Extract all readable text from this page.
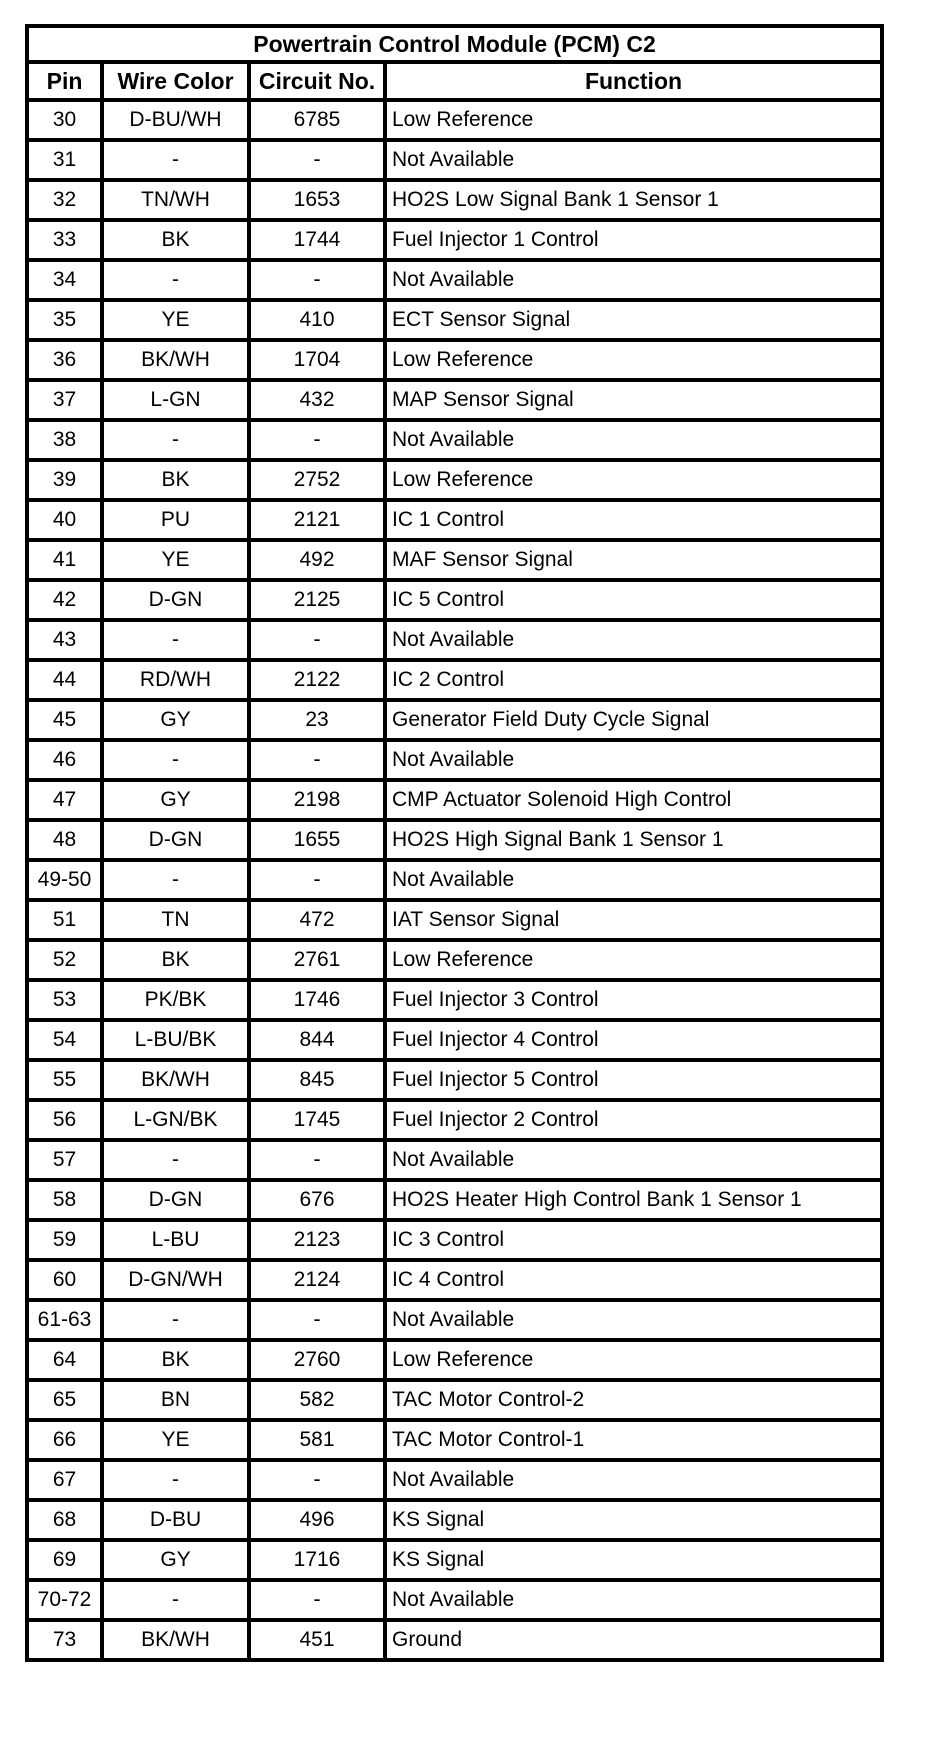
Powertrain Control Module (PCM) C2			
Pin	Wire Color	Circuit No.	Function
30	D-BU/WH	6785	Low Reference
31	-	-	Not Available
32	TN/WH	1653	HO2S Low Signal Bank 1 Sensor 1
33	BK	1744	Fuel Injector 1 Control
34	-	-	Not Available
35	YE	410	ECT Sensor Signal
36	BK/WH	1704	Low Reference
37	L-GN	432	MAP Sensor Signal
38	-	-	Not Available
39	BK	2752	Low Reference
40	PU	2121	IC 1 Control
41	YE	492	MAF Sensor Signal
42	D-GN	2125	IC 5 Control
43	-	-	Not Available
44	RD/WH	2122	IC 2 Control
45	GY	23	Generator Field Duty Cycle Signal
46	-	-	Not Available
47	GY	2198	CMP Actuator Solenoid High Control
48	D-GN	1655	HO2S High Signal Bank 1 Sensor 1
49-50	-	-	Not Available
51	TN	472	IAT Sensor Signal
52	BK	2761	Low Reference
53	PK/BK	1746	Fuel Injector 3 Control
54	L-BU/BK	844	Fuel Injector 4 Control
55	BK/WH	845	Fuel Injector 5 Control
56	L-GN/BK	1745	Fuel Injector 2 Control
57	-	-	Not Available
58	D-GN	676	HO2S Heater High Control Bank 1 Sensor 1
59	L-BU	2123	IC 3 Control
60	D-GN/WH	2124	IC 4 Control
61-63	-	-	Not Available
64	BK	2760	Low Reference
65	BN	582	TAC Motor Control-2
66	YE	581	TAC Motor Control-1
67	-	-	Not Available
68	D-BU	496	KS Signal
69	GY	1716	KS Signal
70-72	-	-	Not Available
73	BK/WH	451	Ground
